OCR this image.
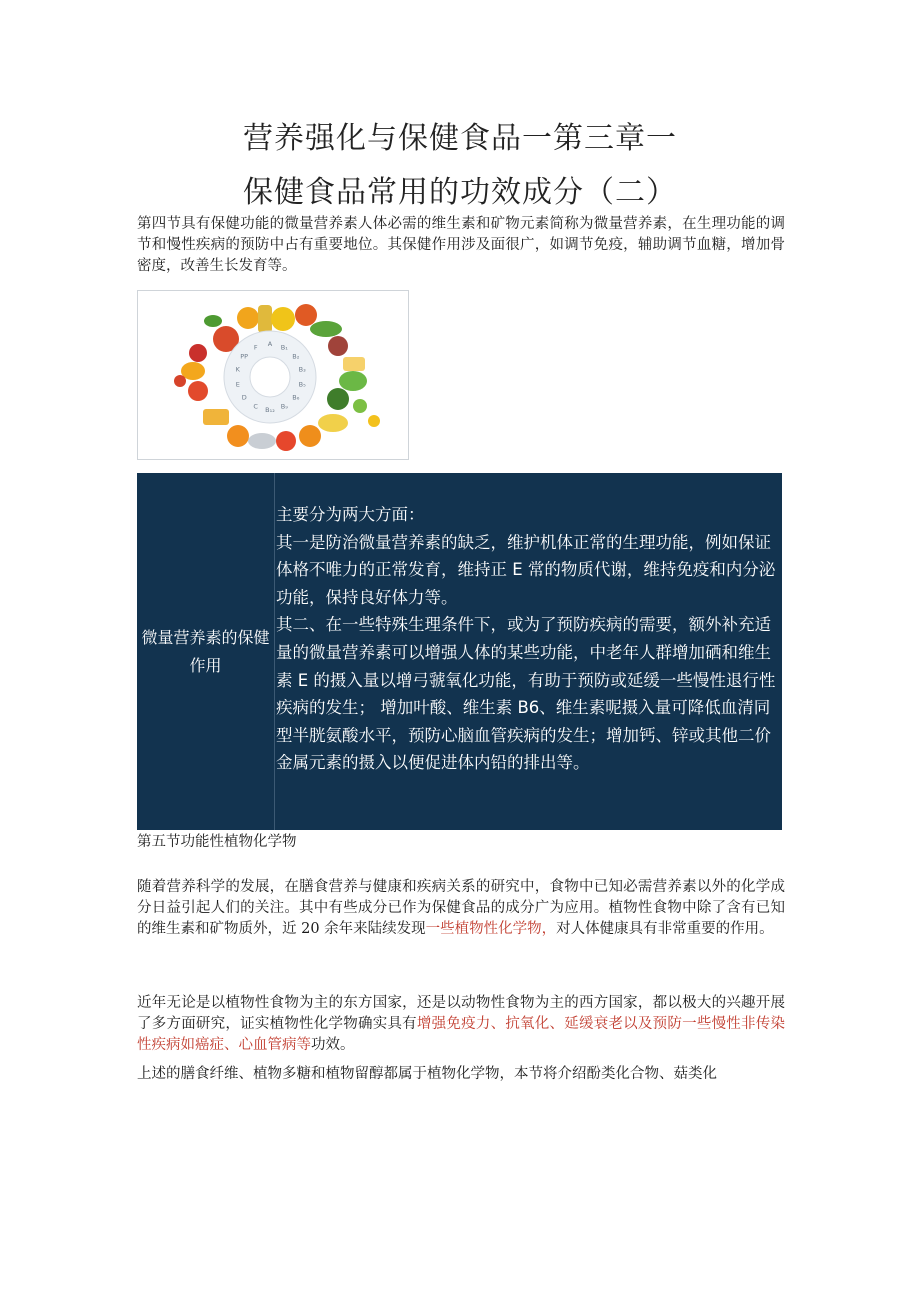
营养强化与保健食品一第三章一
保健食品常用的功效成分（二）
第四节具有保健功能的微量营养素人体必需的维生素和矿物元素简称为微量营养素，在生理功能的调节和慢性疾病的预防中占有重要地位。其保健作用涉及面很广，如调节免疫，辅助调节血糖，增加骨密度，改善生长发育等。
A B₁
B₂
B₃
B₅
B₆
B₉
B₁₂
C
D
E
K
PP
F
微量营养素的保健作用

主要分为两大方面：

其一是防治微量营养素的缺乏，维护机体正常的生理功能，例如保证体格不唯力的正常发育，维持正 E 常的物质代谢，维持免疫和内分泌功能，保持良好体力等。

其二、在一些特殊生理条件下，或为了预防疾病的需要，额外补充适量的微量营养素可以增强人体的某些功能，中老年人群增加硒和维生素 E 的摄入量以增弓虢氧化功能，有助于预防或延缓一些慢性退行性疾病的发生； 增加叶酸、维生素 B6、维生素呢摄入量可降低血清同型半胱氨酸水平，预防心脑血管疾病的发生；增加钙、锌或其他二价金属元素的摄入以便促进体内铅的排出等。

第五节功能性植物化学物
随着营养科学的发展，在膳食营养与健康和疾病关系的研究中，食物中已知必需营养素以外的化学成分日益引起人们的关注。其中有些成分已作为保健食品的成分广为应用。植物性食物中除了含有已知的维生素和矿物质外，近 20 余年来陆续发现一些植物性化学物，对人体健康具有非常重要的作用。
近年无论是以植物性食物为主的东方国家，还是以动物性食物为主的西方国家，都以极大的兴趣开展了多方面研究，证实植物性化学物确实具有增强免疫力、抗氧化、延缓衰老以及预防一些慢性非传染性疾病如癌症、心血管病等功效。
上述的膳食纤维、植物多糖和植物留醇都属于植物化学物，本节将介绍酚类化合物、菇类化
